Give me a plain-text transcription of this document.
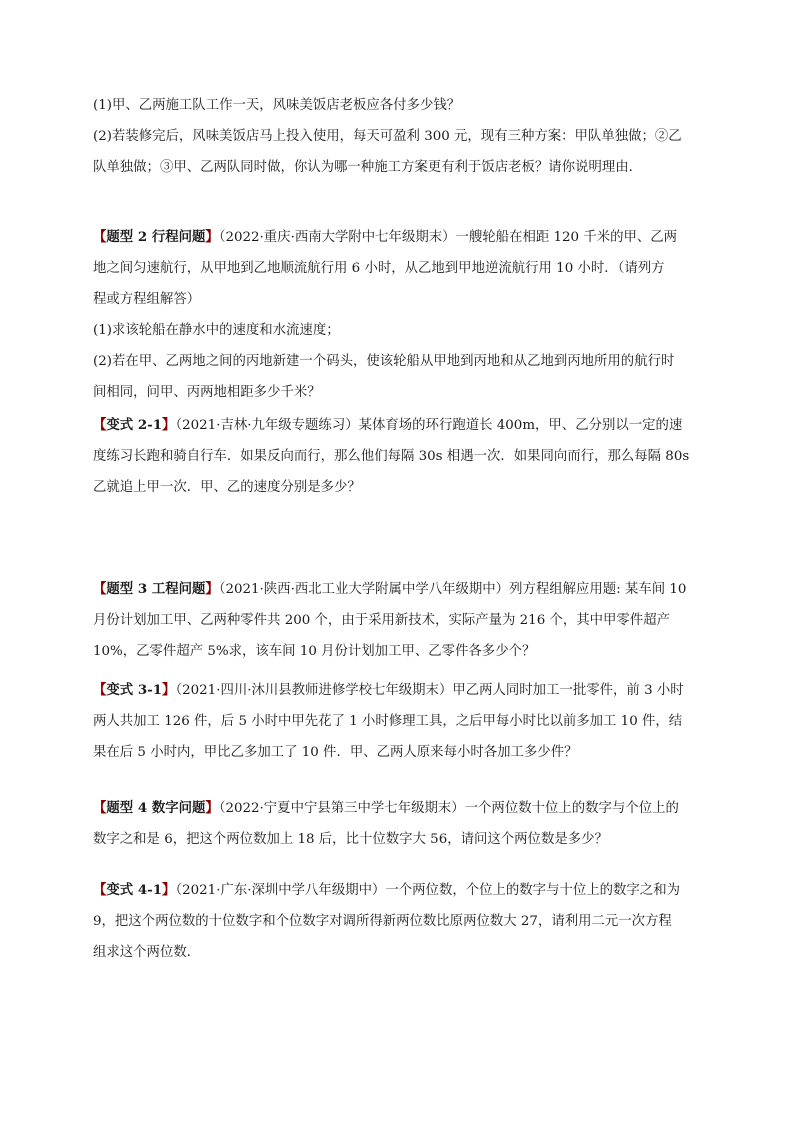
(1)甲、乙两施工队工作一天，风味美饭店老板应各付多少钱？
(2)若装修完后，风味美饭店马上投入使用，每天可盈利 300 元，现有三种方案：甲队单独做；②乙
队单独做；③甲、乙两队同时做，你认为哪一种施工方案更有利于饭店老板？请你说明理由．
【题型 2 行程问题】（2022·重庆·西南大学附中七年级期末）一艘轮船在相距 120 千米的甲、乙两
地之间匀速航行，从甲地到乙地顺流航行用 6 小时，从乙地到甲地逆流航行用 10 小时．（请列方
程或方程组解答）
(1)求该轮船在静水中的速度和水流速度；
(2)若在甲、乙两地之间的丙地新建一个码头，使该轮船从甲地到丙地和从乙地到丙地所用的航行时
间相同，问甲、丙两地相距多少千米？
【变式 2-1】（2021·吉林·九年级专题练习）某体育场的环行跑道长 400m，甲、乙分别以一定的速
度练习长跑和骑自行车．如果反向而行，那么他们每隔 30s 相遇一次．如果同向而行，那么每隔 80s
乙就追上甲一次．甲、乙的速度分别是多少？
【题型 3 工程问题】（2021·陕西·西北工业大学附属中学八年级期中）列方程组解应用题: 某车间 10
月份计划加工甲、乙两种零件共 200 个，由于采用新技术，实际产量为 216 个，其中甲零件超产
10%，乙零件超产 5%求，该车间 10 月份计划加工甲、乙零件各多少个？
【变式 3-1】（2021·四川·沐川县教师进修学校七年级期末）甲乙两人同时加工一批零件，前 3 小时
两人共加工 126 件，后 5 小时中甲先花了 1 小时修理工具，之后甲每小时比以前多加工 10 件，结
果在后 5 小时内，甲比乙多加工了 10 件．甲、乙两人原来每小时各加工多少件？
【题型 4 数字问题】（2022·宁夏中宁县第三中学七年级期末）一个两位数十位上的数字与个位上的
数字之和是 6，把这个两位数加上 18 后，比十位数字大 56，请问这个两位数是多少？
【变式 4-1】（2021·广东·深圳中学八年级期中）一个两位数，个位上的数字与十位上的数字之和为
9，把这个两位数的十位数字和个位数字对调所得新两位数比原两位数大 27，请利用二元一次方程
组求这个两位数．
